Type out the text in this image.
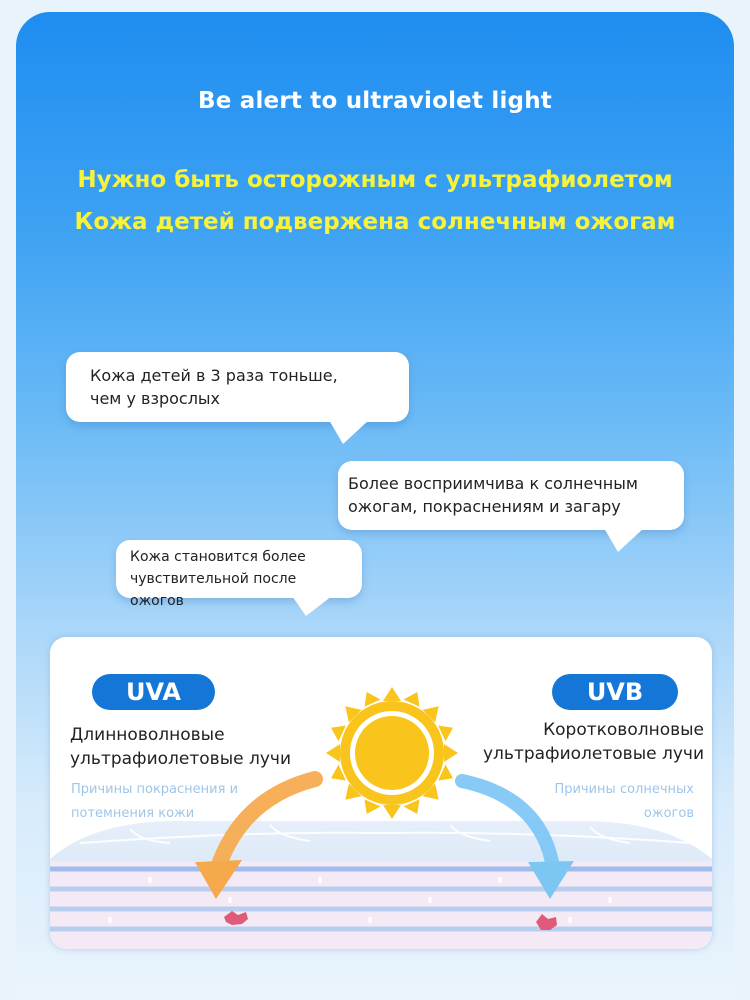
Be alert to ultraviolet light
Нужно быть осторожным с ультрафиолетом
Кожа детей подвержена солнечным ожогам
Кожа детей в 3 раза тоньше,
чем у взрослых
Более восприимчива к солнечным
ожогам, покраснениям и загару
Кожа становится более
чувствительной после ожогов
UVA	UVB
Длинноволновые
ультрафиолетовые лучи
Коротковолновые
ультрафиолетовые лучи
Причины покраснения и
потемнения кожи
Причины солнечных
ожогов
